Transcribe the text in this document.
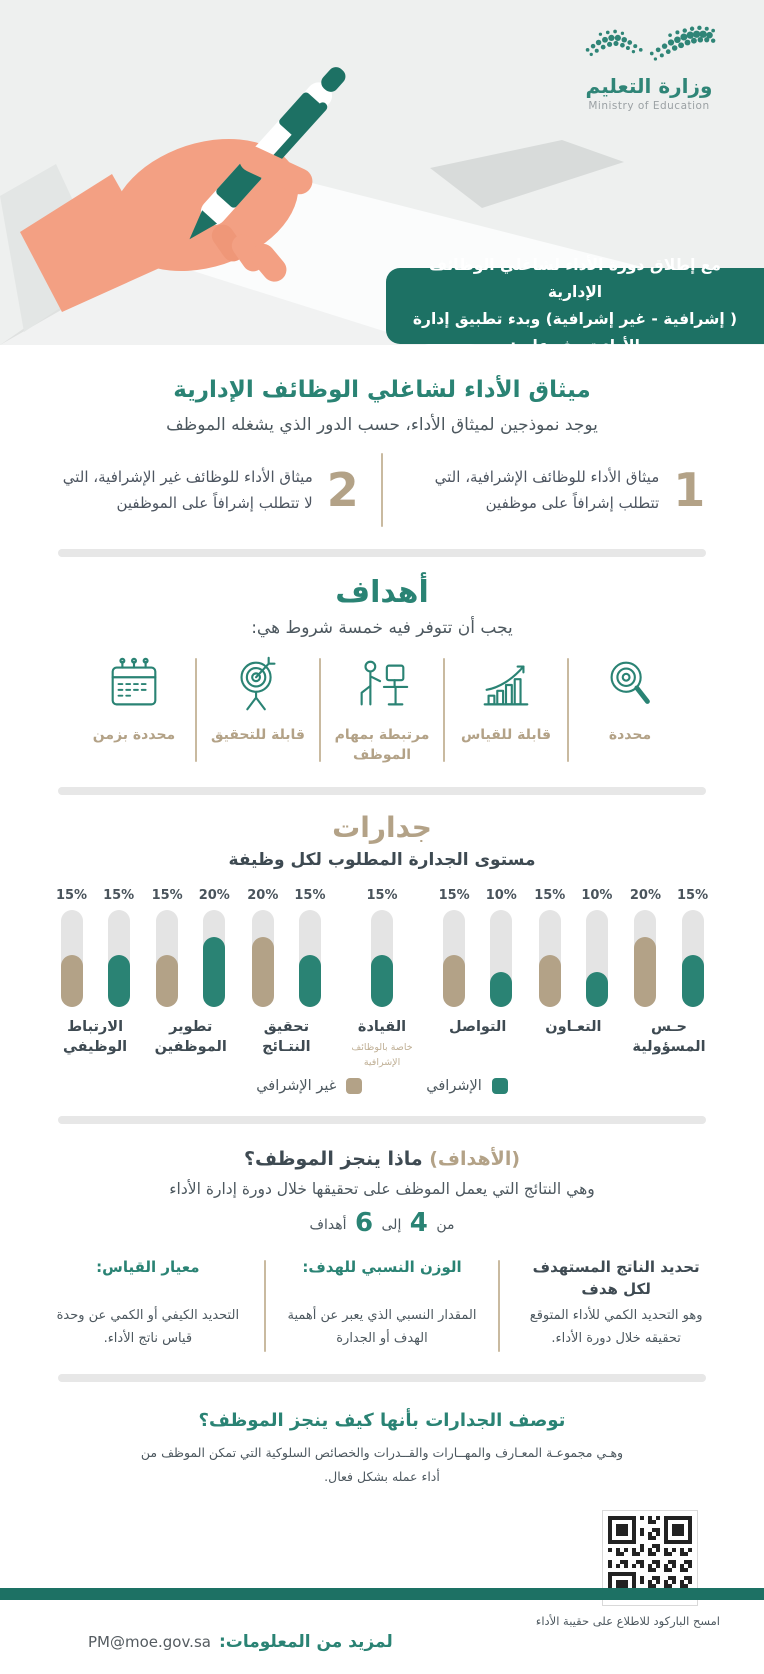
وزارة التعليم
Ministry of Education
مع إطلاق دورة الأداء لشاغلي الوظائف الإدارية
( إشرافية - غير إشرافية) وبدء تطبيق إدارة الأداء تعرف على:
ميثاق الأداء لشاغلي الوظائف الإدارية

يوجد نموذجين لميثاق الأداء، حسب الدور الذي يشغله الموظف

1
ميثاق الأداء للوظائف الإشرافية، التي تتطلب إشرافاً على موظفين
2
ميثاق الأداء للوظائف غير الإشرافية، التي لا تتطلب إشرافاً على الموظفين
أهداف

يجب أن تتوفر فيه خمسة شروط هي:

محددة
قابلة للقياس
مرتبطة بمهام الموظف
قابلة للتحقيق
محددة بزمن
جدارات

مستوى الجدارة المطلوب لكل وظيفة

20% 15%
حـس المسؤولية
15% 10%
التعـاون
15% 10%
التواصل
15%
القيادة
خاصة بالوظائف الإشرافية
20% 15%
تحقيق النتـائج
15% 20%
تطوير الموظفين
15% 15%
الارتباط الوظيفي
الإشرافي
غير الإشرافي
(الأهداف) ماذا ينجز الموظف؟

وهي النتائج التي يعمل الموظف على تحقيقها خلال دورة إدارة الأداء

من 4 إلى 6 أهداف
تحديد الناتج المستهدف لكل هدف
وهو التحديد الكمي للأداء المتوقع تحقيقه خلال دورة الأداء.
الوزن النسبي للهدف:
المقدار النسبي الذي يعبر عن أهمية الهدف أو الجدارة
معيار القياس:
التحديد الكيفي أو الكمي عن وحدة قياس ناتج الأداء.
توصف الجدارات بأنها كيف ينجز الموظف؟

وهـي مجموعـة المعـارف والمهــارات والقــدرات والخصائص السلوكية التي تمكن الموظف من أداء عمله بشكل فعال.

امسح الباركود للاطلاع على حقيبة الأداء
لمزيد من المعلومات:
PM@moe.gov.sa
